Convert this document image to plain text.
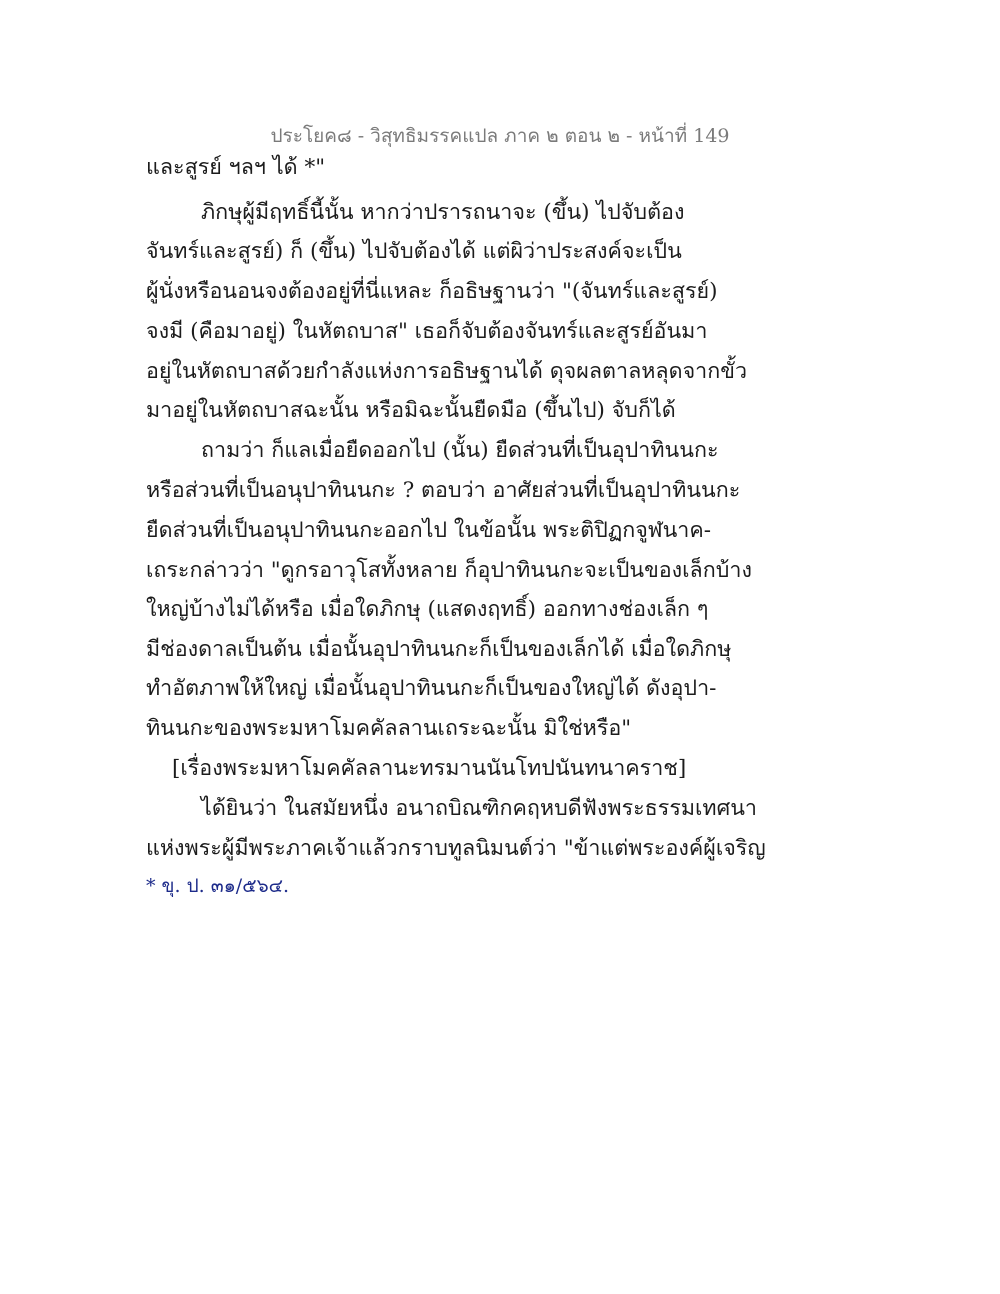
ประโยค๘ - วิสุทธิมรรคแปล ภาค ๒ ตอน ๒ - หน้าที่ 149
และสูรย์ ฯลฯ ได้ *"
ภิกษุผู้มีฤทธิ์นี้นั้น หากว่าปรารถนาจะ (ขึ้น) ไปจับต้อง
จันทร์และสูรย์) ก็ (ขึ้น) ไปจับต้องได้ แต่ผิว่าประสงค์จะเป็น
ผู้นั่งหรือนอนจงต้องอยู่ที่นี่แหละ ก็อธิษฐานว่า "(จันทร์และสูรย์)
จงมี (คือมาอยู่) ในหัตถบาส" เธอก็จับต้องจันทร์และสูรย์อันมา
อยู่ในหัตถบาสด้วยกำลังแห่งการอธิษฐานได้ ดุจผลตาลหลุดจากขั้ว
มาอยู่ในหัตถบาสฉะนั้น หรือมิฉะนั้นยืดมือ (ขึ้นไป) จับก็ได้
ถามว่า ก็แลเมื่อยืดออกไป (นั้น) ยืดส่วนที่เป็นอุปาทินนกะ
หรือส่วนที่เป็นอนุปาทินนกะ ? ตอบว่า อาศัยส่วนที่เป็นอุปาทินนกะ
ยืดส่วนที่เป็นอนุปาทินนกะออกไป ในข้อนั้น พระติปิฏกจูฬนาค-
เถระกล่าวว่า "ดูกรอาวุโสทั้งหลาย ก็อุปาทินนกะจะเป็นของเล็กบ้าง
ใหญ่บ้างไม่ได้หรือ เมื่อใดภิกษุ (แสดงฤทธิ์) ออกทางช่องเล็ก ๆ
มีช่องดาลเป็นต้น เมื่อนั้นอุปาทินนกะก็เป็นของเล็กได้ เมื่อใดภิกษุ
ทำอัตภาพให้ใหญ่ เมื่อนั้นอุปาทินนกะก็เป็นของใหญ่ได้ ดังอุปา-
ทินนกะของพระมหาโมคคัลลานเถระฉะนั้น มิใช่หรือ"
[เรื่องพระมหาโมคคัลลานะทรมานนันโทปนันทนาคราช]
ได้ยินว่า ในสมัยหนึ่ง อนาถบิณฑิกคฤหบดีฟังพระธรรมเทศนา
แห่งพระผู้มีพระภาคเจ้าแล้วกราบทูลนิมนต์ว่า "ข้าแต่พระองค์ผู้เจริญ
* ขุ. ป. ๓๑/๕๖๔.
